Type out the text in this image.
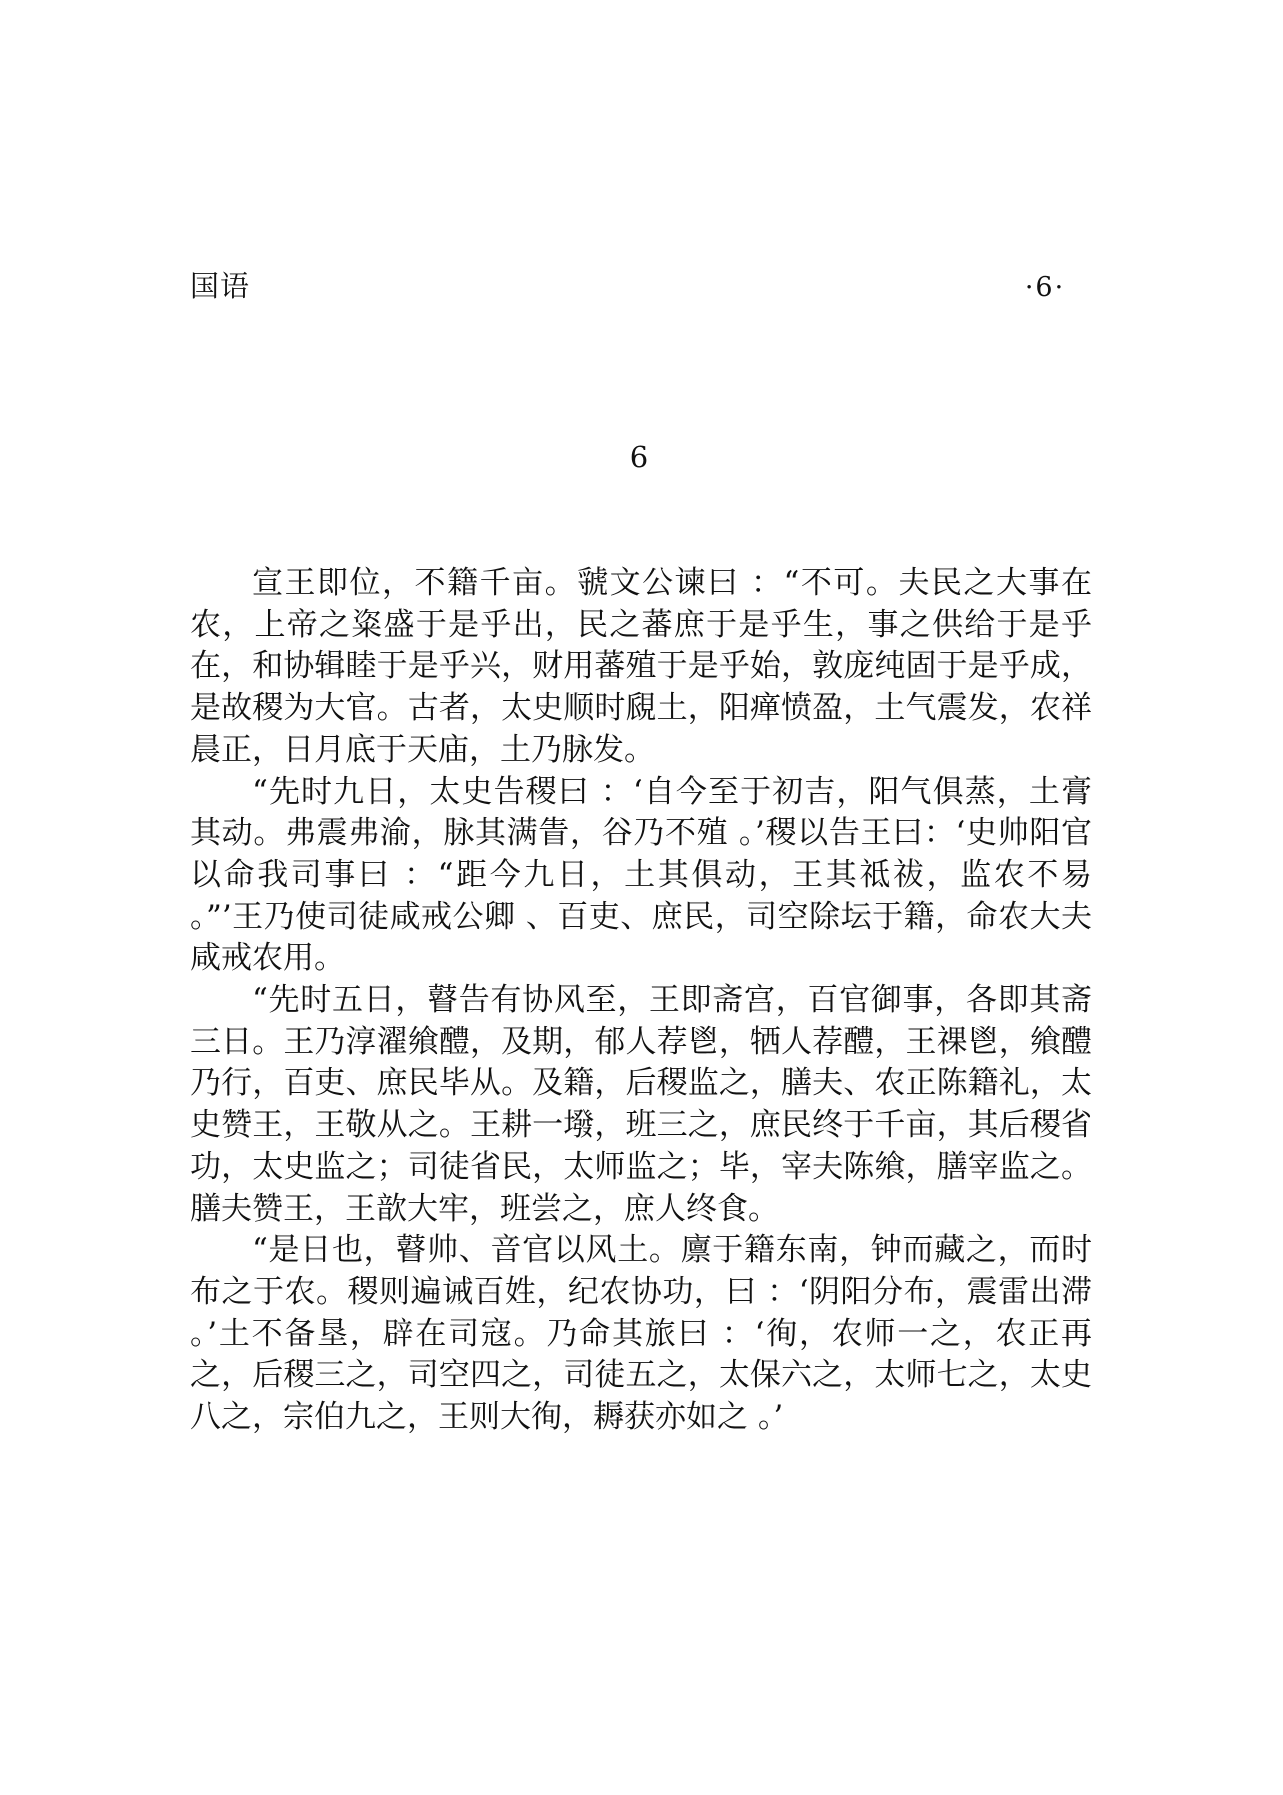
国语	·6·
6

宣王即位，不籍千亩。虢文公谏曰 ：“不可。夫民之大事在农，上帝之粢盛于是乎出，民之蕃庶于是乎生，事之供给于是乎在，和协辑睦于是乎兴，财用蕃殖于是乎始，敦庞纯固于是乎成，是故稷为大官。古者，太史顺时覛土，阳瘅愤盈，土气震发，农祥晨正，日月底于天庙，土乃脉发。

“先时九日，太史告稷曰 ：‘自今至于初吉，阳气俱蒸，土膏其动。弗震弗渝，脉其满眚，谷乃不殖 。’稷以告王曰：‘史帅阳官以命我司事曰 ：“距今九日，土其俱动，王其祗祓，监农不易 。”’王乃使司徒咸戒公卿 、百吏、庶民，司空除坛于籍，命农大夫咸戒农用。

“先时五日，瞽告有协风至，王即斋宫，百官御事，各即其斋三日。王乃淳濯飨醴，及期，郁人荐鬯，牺人荐醴，王祼鬯，飨醴乃行，百吏、庶民毕从。及籍，后稷监之，膳夫、农正陈籍礼，太史赞王，王敬从之。王耕一墢，班三之，庶民终于千亩，其后稷省功，太史监之；司徒省民，太师监之；毕，宰夫陈飨，膳宰监之。膳夫赞王，王歆大牢，班尝之，庶人终食。

“是日也，瞽帅、音官以风土。廪于籍东南，钟而藏之，而时布之于农。稷则遍诫百姓，纪农协功，曰 ：‘阴阳分布，震雷出滞 。’土不备垦，辟在司寇。乃命其旅曰 ：‘徇，农师一之，农正再之，后稷三之，司空四之，司徒五之，太保六之，太师七之，太史八之，宗伯九之，王则大徇，耨获亦如之 。’
